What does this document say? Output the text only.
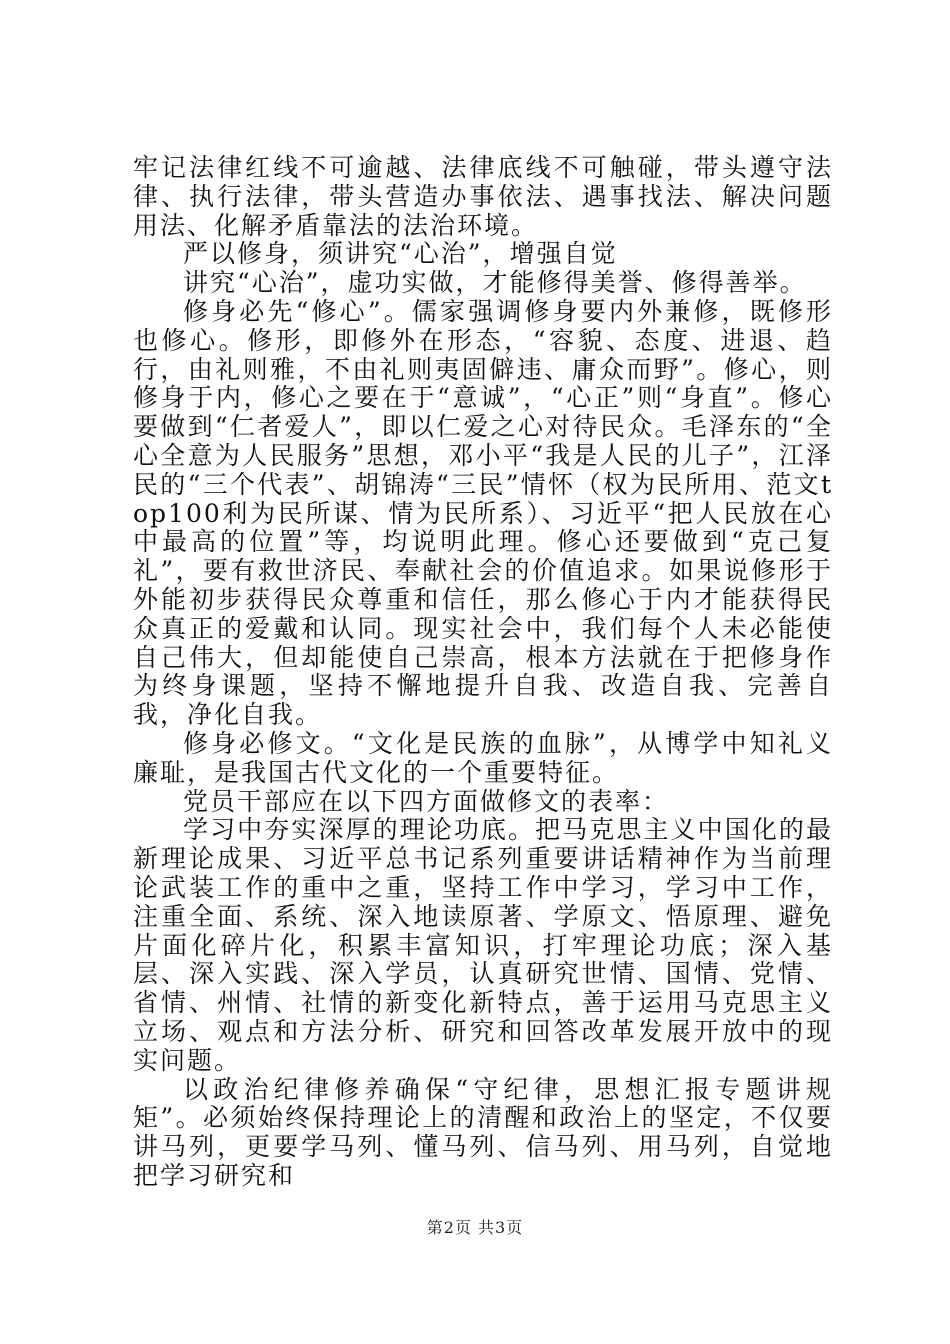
牢记法律红线不可逾越、法律底线不可触碰，带头遵守法律、执行法律，带头营造办事依法、遇事找法、解决问题用法、化解矛盾靠法的法治环境。

严以修身，须讲究“心治”，增强自觉

讲究“心治”，虚功实做，才能修得美誉、修得善举。

修身必先“修心”。儒家强调修身要内外兼修，既修形也修心。修形，即修外在形态，“容貌、态度、进退、趋行，由礼则雅，不由礼则夷固僻违、庸众而野”。修心，则修身于内，修心之要在于“意诚”，“心正”则“身直”。修心要做到“仁者爱人”，即以仁爱之心对待民众。毛泽东的“全心全意为人民服务”思想，邓小平“我是人民的儿子”，江泽民的“三个代表”、胡锦涛“三民”情怀（权为民所用、范文top100利为民所谋、情为民所系）、习近平“把人民放在心中最高的位置”等，均说明此理。修心还要做到“克己复礼”，要有救世济民、奉献社会的价值追求。如果说修形于外能初步获得民众尊重和信任，那么修心于内才能获得民众真正的爱戴和认同。现实社会中，我们每个人未必能使自己伟大，但却能使自己崇高，根本方法就在于把修身作为终身课题，坚持不懈地提升自我、改造自我、完善自我，净化自我。

修身必修文。“文化是民族的血脉”，从博学中知礼义廉耻，是我国古代文化的一个重要特征。

党员干部应在以下四方面做修文的表率：

学习中夯实深厚的理论功底。把马克思主义中国化的最新理论成果、习近平总书记系列重要讲话精神作为当前理论武装工作的重中之重，坚持工作中学习，学习中工作，注重全面、系统、深入地读原著、学原文、悟原理、避免片面化碎片化，积累丰富知识，打牢理论功底；深入基层、深入实践、深入学员，认真研究世情、国情、党情、省情、州情、社情的新变化新特点，善于运用马克思主义立场、观点和方法分析、研究和回答改革发展开放中的现实问题。

以政治纪律修养确保“守纪律，思想汇报专题讲规矩”。必须始终保持理论上的清醒和政治上的坚定，不仅要讲马列，更要学马列、懂马列、信马列、用马列，自觉地把学习研究和

第2页 共3页
